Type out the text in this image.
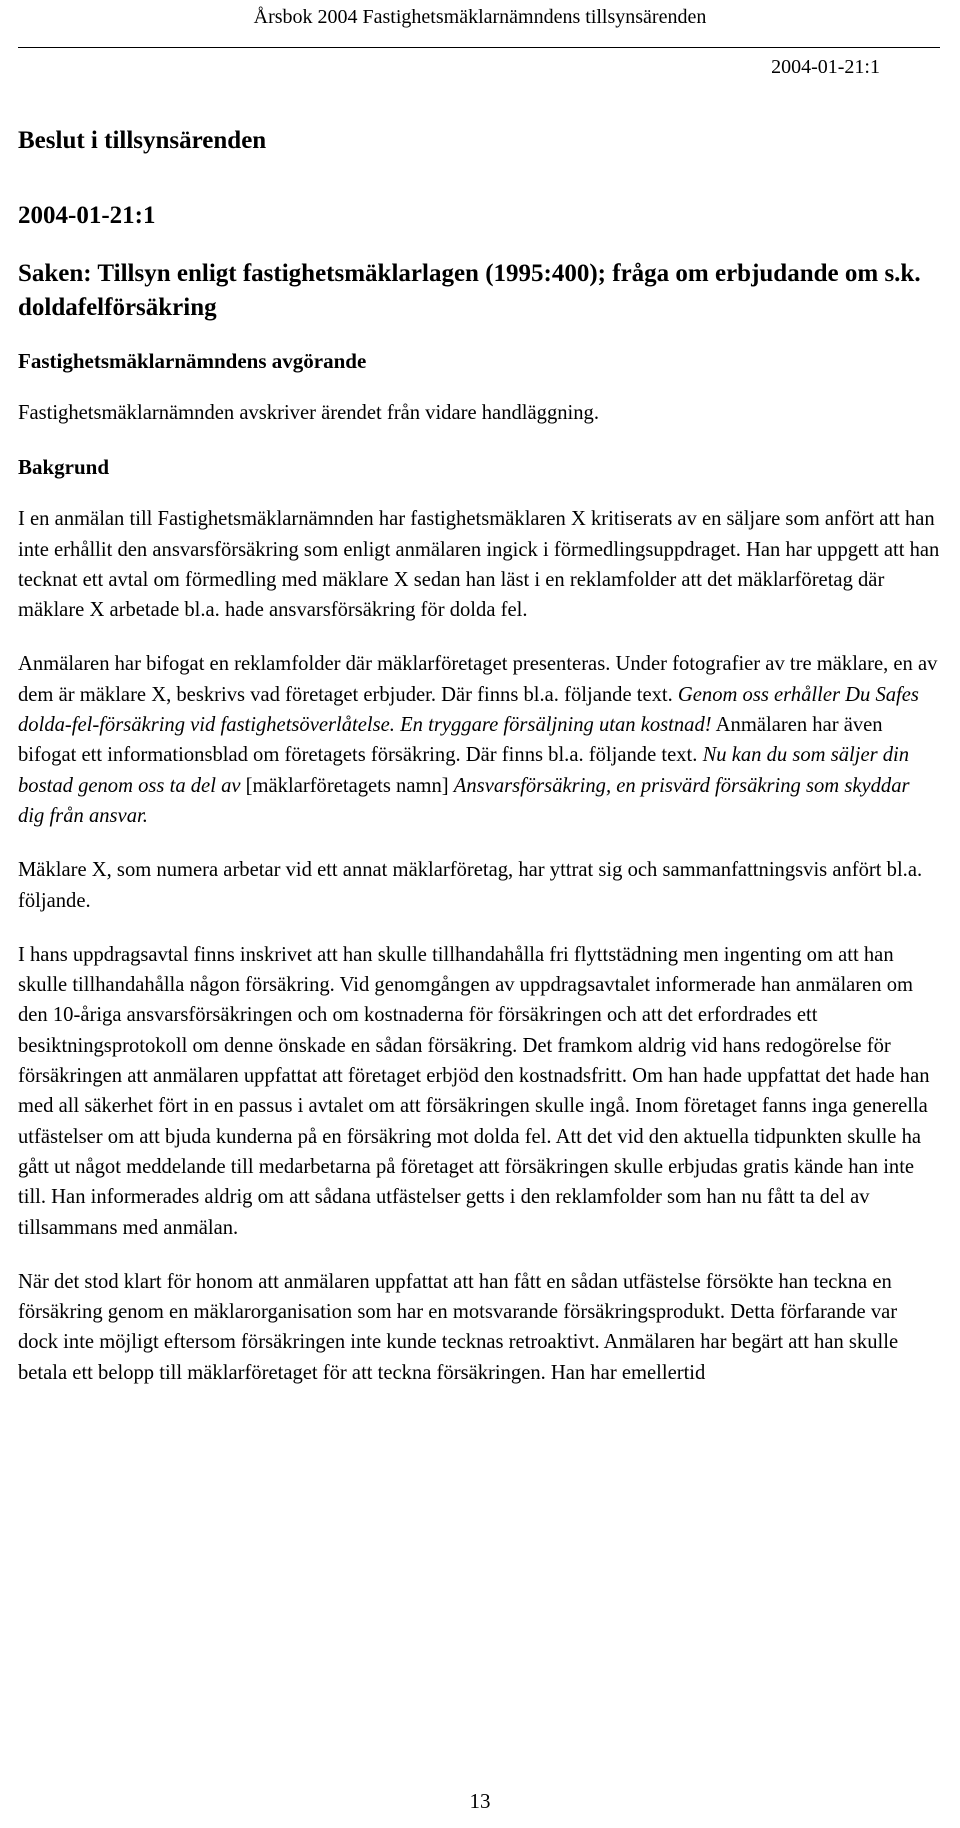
Årsbok 2004 Fastighetsmäklarnämndens tillsynsärenden
2004-01-21:1
Beslut i tillsynsärenden
2004-01-21:1
Saken: Tillsyn enligt fastighetsmäklarlagen (1995:400); fråga om erbjudande om s.k. doldafelförsäkring
Fastighetsmäklarnämndens avgörande

Fastighetsmäklarnämnden avskriver ärendet från vidare handläggning.

Bakgrund

I en anmälan till Fastighetsmäklarnämnden har fastighetsmäklaren X kritiserats av en säljare som anfört att han inte erhållit den ansvarsförsäkring som enligt anmälaren ingick i förmedlingsuppdraget. Han har uppgett att han tecknat ett avtal om förmedling med mäklare X sedan han läst i en reklamfolder att det mäklarföretag där mäklare X arbetade bl.a. hade ansvarsförsäkring för dolda fel.

Anmälaren har bifogat en reklamfolder där mäklarföretaget presenteras. Under fotografier av tre mäklare, en av dem är mäklare X, beskrivs vad företaget erbjuder. Där finns bl.a. följande text. Genom oss erhåller Du Safes dolda-fel-försäkring vid fastighetsöverlåtelse. En tryggare försäljning utan kostnad! Anmälaren har även bifogat ett informationsblad om företagets försäkring. Där finns bl.a. följande text. Nu kan du som säljer din bostad genom oss ta del av [mäklarföretagets namn] Ansvarsförsäkring, en prisvärd försäkring som skyddar dig från ansvar.

Mäklare X, som numera arbetar vid ett annat mäklarföretag, har yttrat sig och sammanfattningsvis anfört bl.a. följande.

I hans uppdragsavtal finns inskrivet att han skulle tillhandahålla fri flyttstädning men ingenting om att han skulle tillhandahålla någon försäkring. Vid genomgången av uppdragsavtalet informerade han anmälaren om den 10-åriga ansvarsförsäkringen och om kostnaderna för försäkringen och att det erfordrades ett besiktningsprotokoll om denne önskade en sådan försäkring. Det framkom aldrig vid hans redogörelse för försäkringen att anmälaren uppfattat att företaget erbjöd den kostnadsfritt. Om han hade uppfattat det hade han med all säkerhet fört in en passus i avtalet om att försäkringen skulle ingå. Inom företaget fanns inga generella utfästelser om att bjuda kunderna på en försäkring mot dolda fel. Att det vid den aktuella tidpunkten skulle ha gått ut något meddelande till medarbetarna på företaget att försäkringen skulle erbjudas gratis kände han inte till. Han informerades aldrig om att sådana utfästelser getts i den reklamfolder som han nu fått ta del av tillsammans med anmälan.

När det stod klart för honom att anmälaren uppfattat att han fått en sådan utfästelse försökte han teckna en försäkring genom en mäklarorganisation som har en motsvarande försäkringsprodukt. Detta förfarande var dock inte möjligt eftersom försäkringen inte kunde tecknas retroaktivt. Anmälaren har begärt att han skulle betala ett belopp till mäklarföretaget för att teckna försäkringen. Han har emellertid

13
